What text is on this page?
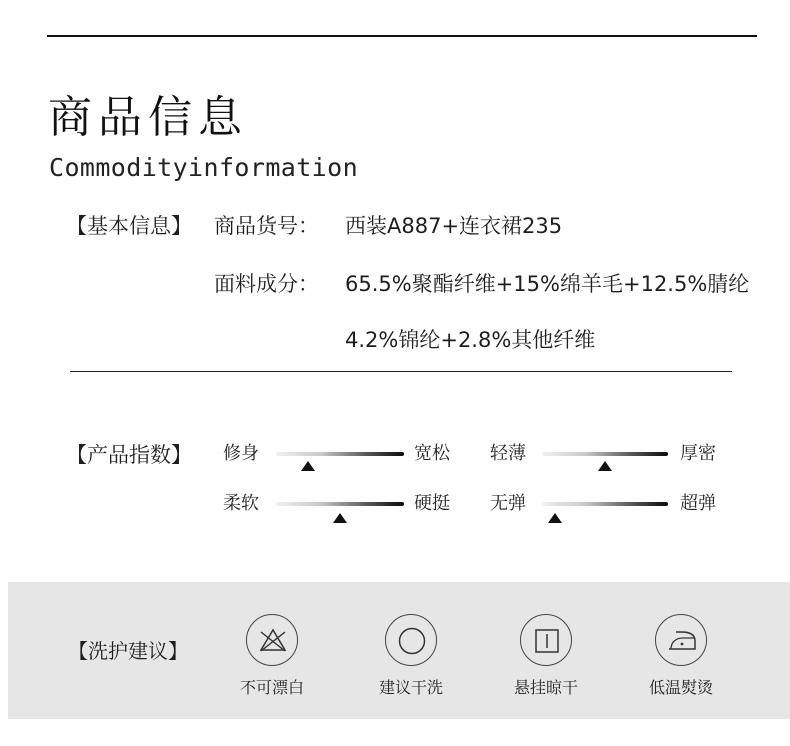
商品信息
Commodityinformation
【基本信息】 商品货号： 西装A887+连衣裙235
面料成分： 65.5%聚酯纤维+15%绵羊毛+12.5%腈纶
4.2%锦纶+2.8%其他纤维
【产品指数】 修身	宽松 轻薄	厚密
柔软	硬挺 无弹	超弹
【洗护建议】
不可漂白	建议干洗	悬挂晾干	低温熨烫
